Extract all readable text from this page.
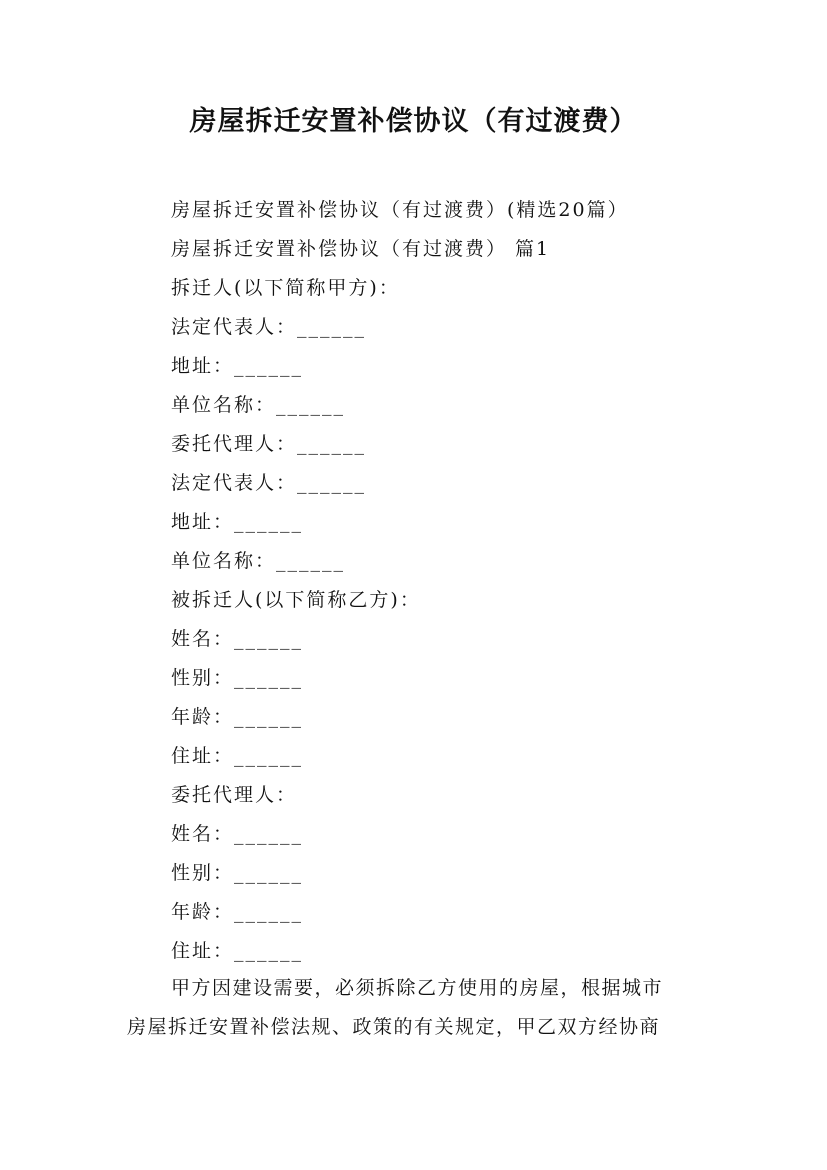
房屋拆迁安置补偿协议（有过渡费）
房屋拆迁安置补偿协议（有过渡费）(精选20篇）
房屋拆迁安置补偿协议（有过渡费） 篇1
拆迁人(以下简称甲方)：
法定代表人：______
地址：______
单位名称：______
委托代理人：______
法定代表人：______
地址：______
单位名称：______
被拆迁人(以下简称乙方)：
姓名：______
性别：______
年龄：______
住址：______
委托代理人：
姓名：______
性别：______
年龄：______
住址：______
甲方因建设需要，必须拆除乙方使用的房屋，根据城市
房屋拆迁安置补偿法规、政策的有关规定，甲乙双方经协商
